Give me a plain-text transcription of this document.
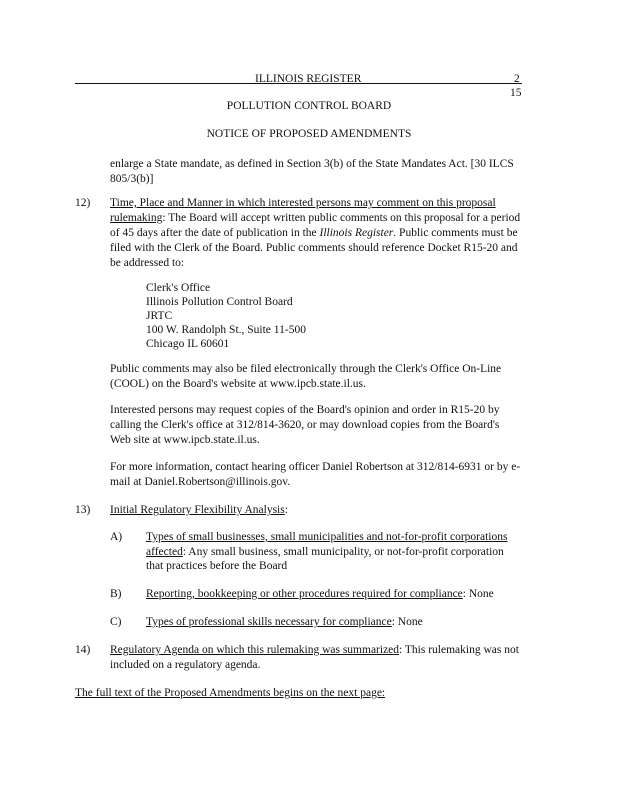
ILLINOIS REGISTER	2
15
POLLUTION CONTROL BOARD
NOTICE OF PROPOSED AMENDMENTS
enlarge a State mandate, as defined in Section 3(b) of the State Mandates Act. [30 ILCS
805/3(b)]
12) Time, Place and Manner in which interested persons may comment on this proposal
rulemaking: The Board will accept written public comments on this proposal for a period
of 45 days after the date of publication in the Illinois Register. Public comments must be
filed with the Clerk of the Board. Public comments should reference Docket R15-20 and
be addressed to:
Clerk's Office
Illinois Pollution Control Board
JRTC
100 W. Randolph St., Suite 11-500
Chicago IL 60601
Public comments may also be filed electronically through the Clerk's Office On-Line
(COOL) on the Board's website at www.ipcb.state.il.us.
Interested persons may request copies of the Board's opinion and order in R15-20 by
calling the Clerk's office at 312/814-3620, or may download copies from the Board's
Web site at www.ipcb.state.il.us.
For more information, contact hearing officer Daniel Robertson at 312/814-6931 or by e-
mail at Daniel.Robertson@illinois.gov.
13) Initial Regulatory Flexibility Analysis:
A) Types of small businesses, small municipalities and not-for-profit corporations
affected: Any small business, small municipality, or not-for-profit corporation
that practices before the Board
B) Reporting, bookkeeping or other procedures required for compliance: None
C) Types of professional skills necessary for compliance: None
14) Regulatory Agenda on which this rulemaking was summarized: This rulemaking was not
included on a regulatory agenda.
The full text of the Proposed Amendments begins on the next page:
